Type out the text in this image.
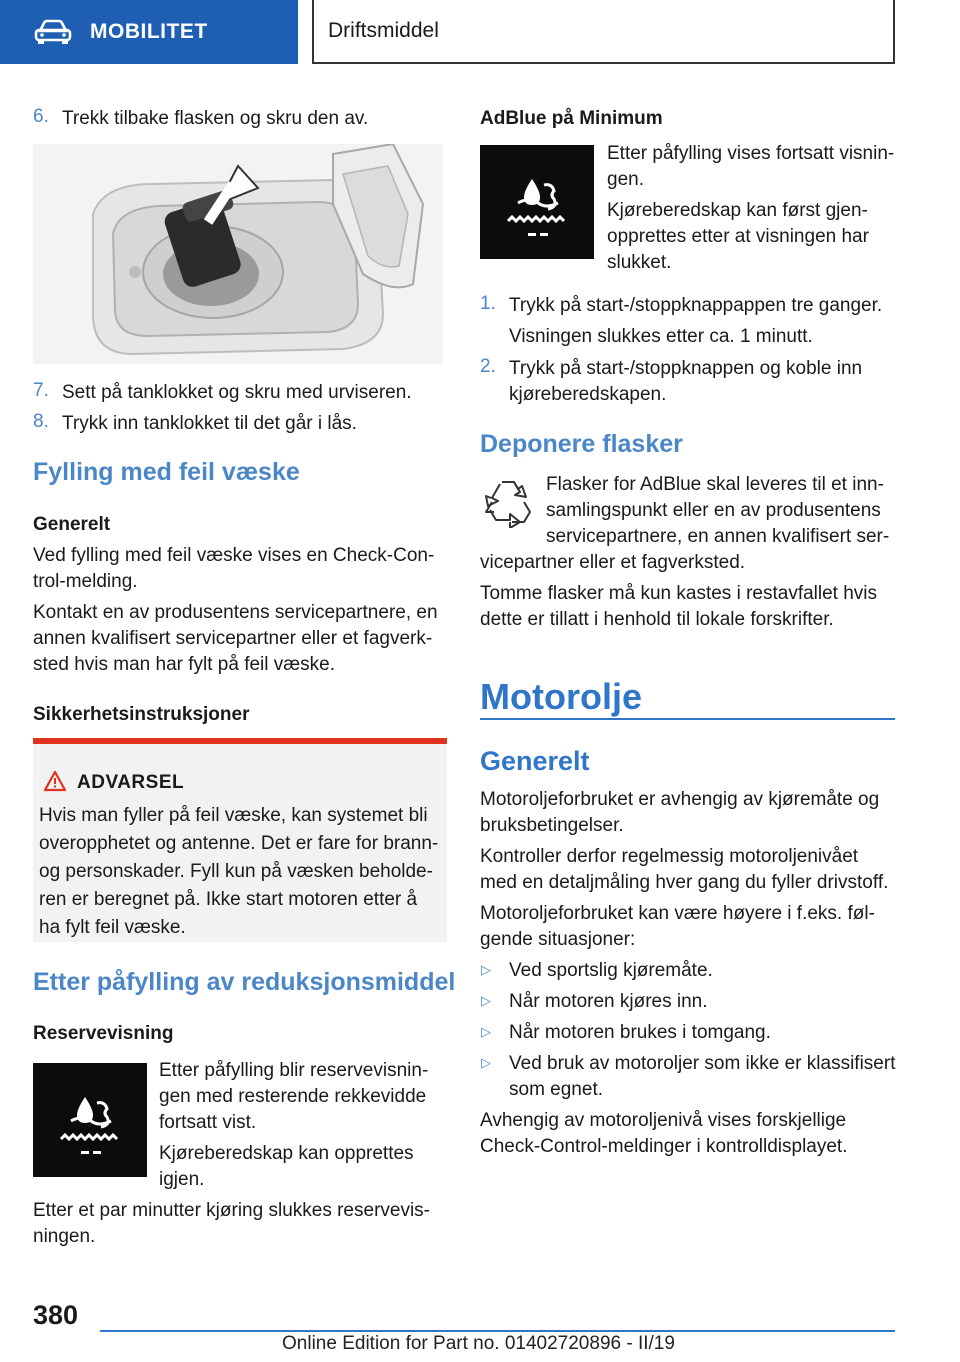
MOBILITET	Driftsmiddel
6. Trekk tilbake flasken og skru den av.
7. Sett på tanklokket og skru med urviseren.
8. Trykk inn tanklokket til det går i lås.
Fylling med feil væske
Generelt
Ved fylling med feil væske vises en Check-Con-
trol-melding.
Kontakt en av produsentens servicepartnere, en
annen kvalifisert servicepartner eller et fagverk-
sted hvis man har fylt på feil væske.
Sikkerhetsinstruksjoner
ADVARSEL
Hvis man fyller på feil væske, kan systemet bli
overopphetet og antenne. Det er fare for brann-
og personskader. Fyll kun på væsken beholde-
ren er beregnet på. Ikke start motoren etter å
ha fylt feil væske.
Etter påfylling av reduksjonsmiddel
Reservevisning
Etter påfylling blir reservevisnin-
gen med resterende rekkevidde
fortsatt vist.
Kjøreberedskap kan opprettes
igjen.
Etter et par minutter kjøring slukkes reservevis-
ningen.
AdBlue på Minimum
Etter påfylling vises fortsatt visnin-
gen.
Kjøreberedskap kan først gjen-
opprettes etter at visningen har
slukket.
1. Trykk på start-/stoppknappappen tre ganger.
Visningen slukkes etter ca. 1 minutt.
2. Trykk på start-/stoppknappen og koble inn
kjøreberedskapen.
Deponere flasker
Flasker for AdBlue skal leveres til et inn-
samlingspunkt eller en av produsentens
servicepartnere, en annen kvalifisert ser-
vicepartner eller et fagverksted.
Tomme flasker må kun kastes i restavfallet hvis
dette er tillatt i henhold til lokale forskrifter.
Motorolje
Generelt
Motoroljeforbruket er avhengig av kjøremåte og
bruksbetingelser.
Kontroller derfor regelmessig motoroljenivået
med en detaljmåling hver gang du fyller drivstoff.
Motoroljeforbruket kan være høyere i f.eks. føl-
gende situasjoner:
▷ Ved sportslig kjøremåte.
▷ Når motoren kjøres inn.
▷ Når motoren brukes i tomgang.
▷ Ved bruk av motoroljer som ikke er klassifisert
som egnet.
Avhengig av motoroljenivå vises forskjellige
Check-Control-meldinger i kontrolldisplayet.
380
Online Edition for Part no. 01402720896 - II/19
